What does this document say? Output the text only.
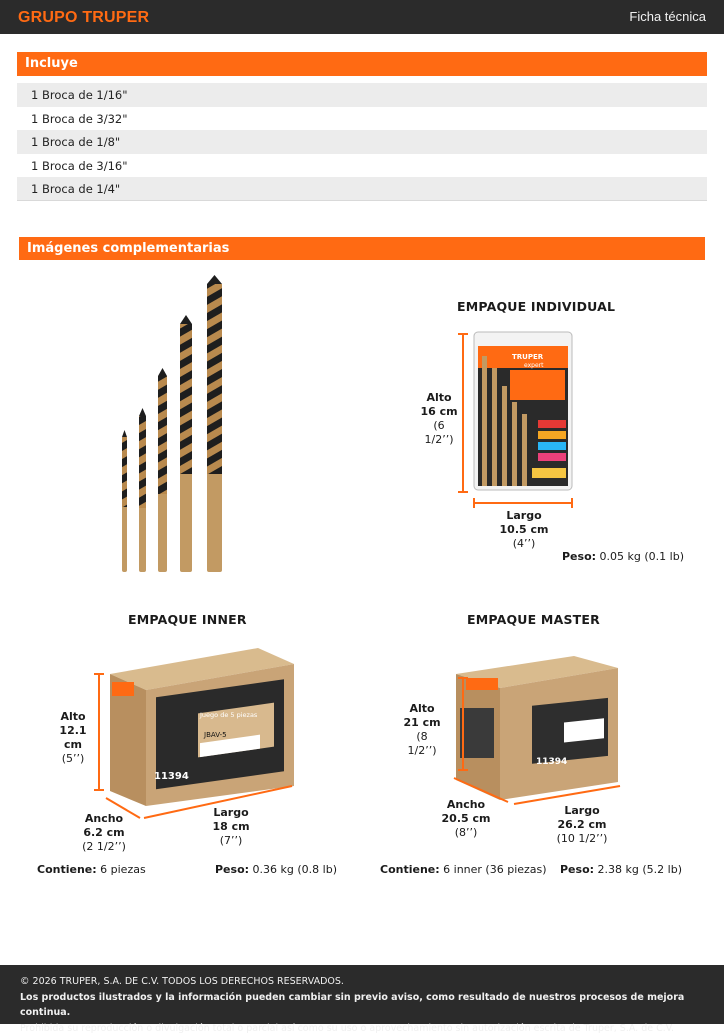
GRUPO TRUPER	Ficha técnica
Incluye
1 Broca de 1/16"
1 Broca de 3/32"
1 Broca de 1/8"
1 Broca de 3/16"
1 Broca de 1/4"
Imágenes complementarias
EMPAQUE INDIVIDUAL
TRUPER
expert
Alto
16 cm
(6 1/2’’)
Largo
10.5 cm
(4’’)
Peso: 0.05 kg (0.1 lb)
EMPAQUE INNER
11394
JBAV-5
Juego de 5 piezas
Alto
12.1 cm
(5’’)
Ancho
6.2 cm
(2 1/2’’)
Largo
18 cm
(7’’)
Contiene: 6 piezas	Peso: 0.36 kg (0.8 lb)
EMPAQUE MASTER
11394
Alto
21 cm
(8 1/2’’)
Ancho
20.5 cm
(8’’)
Largo
26.2 cm
(10 1/2’’)
Contiene: 6 inner (36 piezas) Peso: 2.38 kg (5.2 lb)
© 2026 TRUPER, S.A. DE C.V. TODOS LOS DERECHOS RESERVADOS.
Los productos ilustrados y la información pueden cambiar sin previo aviso, como resultado de nuestros procesos de mejora continua.
Prohibida su reproducción o divulgación total o parcial así como su uso o aprovechamiento sin autorización escrita de Truper, S.A. de C.V.
